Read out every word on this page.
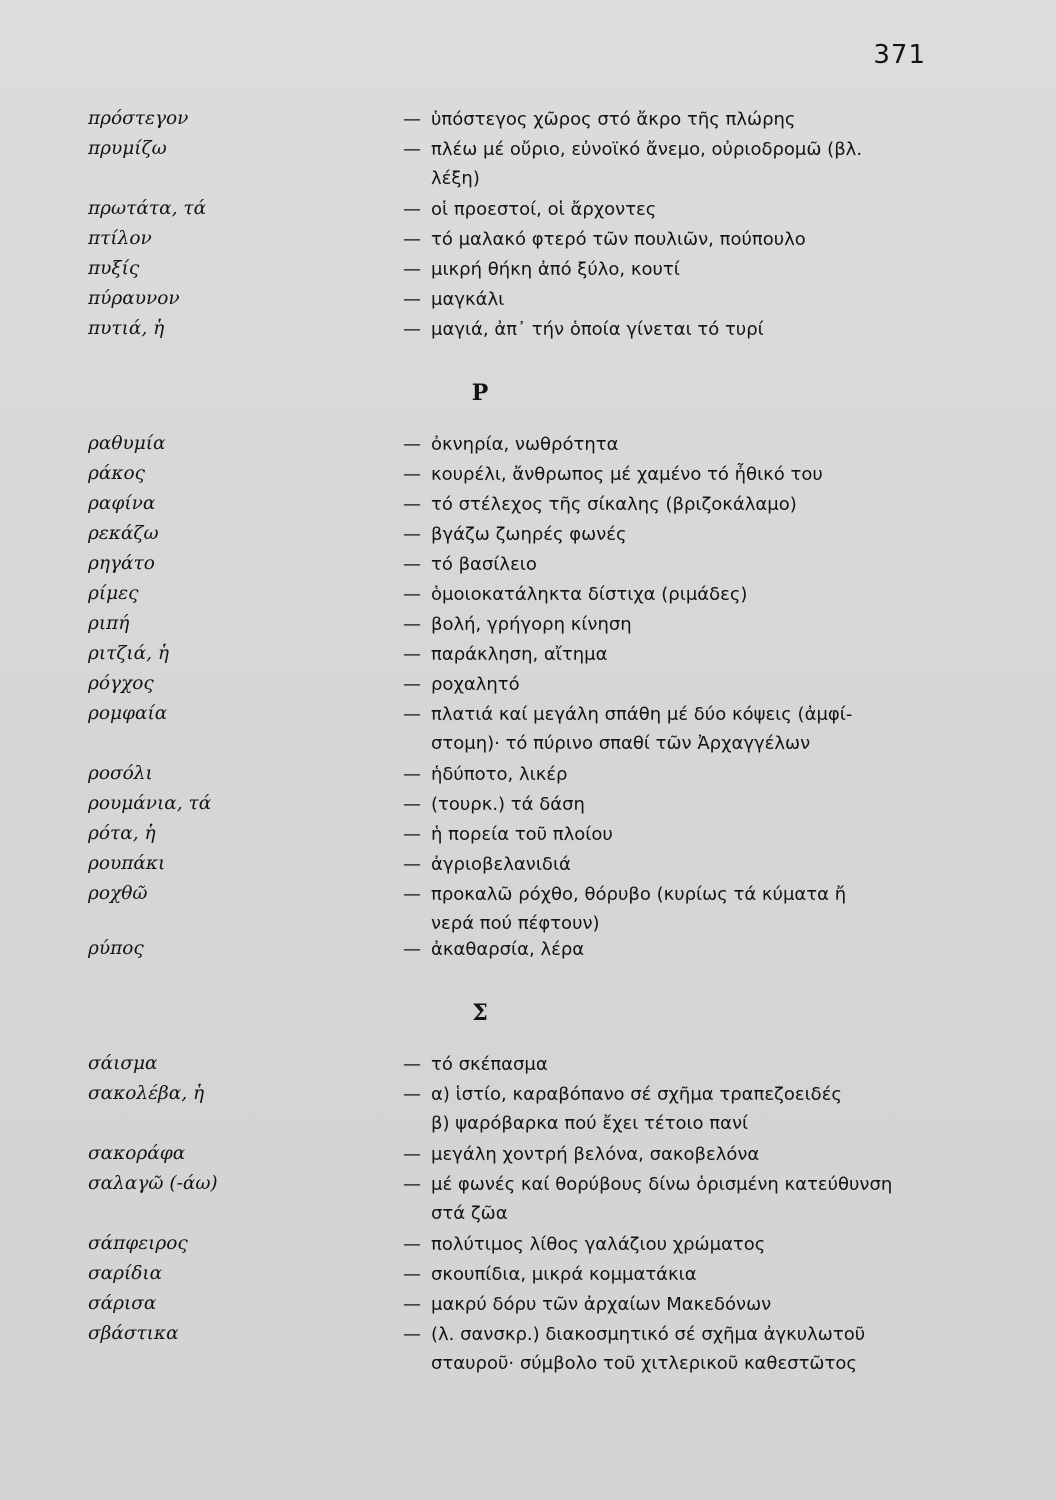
371
πρόστεγον	— ὑπόστεγος χῶρος στό ἄκρο τῆς πλώρης
πρυμίζω	— πλέω μέ οὔριο, εὐνοϊκό ἄνεμο, οὐριοδρομῶ (βλ.
λέξη)
πρωτάτα, τά	— οἱ προεστοί, οἱ ἄρχοντες
πτίλον	— τό μαλακό φτερό τῶν πουλιῶν, πούπουλο
πυξίς	— μικρή θήκη ἀπό ξύλο, κουτί
πύραυνον	— μαγκάλι
πυτιά, ἡ	— μαγιά, ἀπ᾽ τήν ὁποία γίνεται τό τυρί
Ρ
ραθυμία	— ὀκνηρία, νωθρότητα
ράκος	— κουρέλι, ἄνθρωπος μέ χαμένο τό ἦθικό του
ραφίνα	— τό στέλεχος τῆς σίκαλης (βριζοκάλαμο)
ρεκάζω	— βγάζω ζωηρές φωνές
ρηγάτο	— τό βασίλειο
ρίμες	— ὁμοιοκατάληκτα δίστιχα (ριμάδες)
ριπή	— βολή, γρήγορη κίνηση
ριτζιά, ἡ	— παράκληση, αἴτημα
ρόγχος	— ροχαλητό
ρομφαία	— πλατιά καί μεγάλη σπάθη μέ δύο κόψεις (ἀμφί-
στομη)· τό πύρινο σπαθί τῶν Ἀρχαγγέλων
ροσόλι	— ἡδύποτο, λικέρ
ρουμάνια, τά	— (τουρκ.) τά δάση
ρότα, ἡ	— ἡ πορεία τοῦ πλοίου
ρουπάκι	— ἀγριοβελανιδιά
ροχθῶ	— προκαλῶ ρόχθο, θόρυβο (κυρίως τά κύματα ἤ
νερά πού πέφτουν)
ρύπος	— ἀκαθαρσία, λέρα
Σ
σάισμα	— τό σκέπασμα
σακολέβα, ἡ	— α) ἱστίο, καραβόπανο σέ σχῆμα τραπεζοειδές
β) ψαρόβαρκα πού ἔχει τέτοιο πανί
σακοράφα	— μεγάλη χοντρή βελόνα, σακοβελόνα
σαλαγῶ (-άω)	— μέ φωνές καί θορύβους δίνω ὁρισμένη κατεύθυνση
στά ζῶα
σάπφειρος	— πολύτιμος λίθος γαλάζιου χρώματος
σαρίδια	— σκουπίδια, μικρά κομματάκια
σάρισα	— μακρύ δόρυ τῶν ἀρχαίων Μακεδόνων
σβάστικα	— (λ. σανσκρ.) διακοσμητικό σέ σχῆμα ἀγκυλωτοῦ
σταυροῦ· σύμβολο τοῦ χιτλερικοῦ καθεστῶτος
